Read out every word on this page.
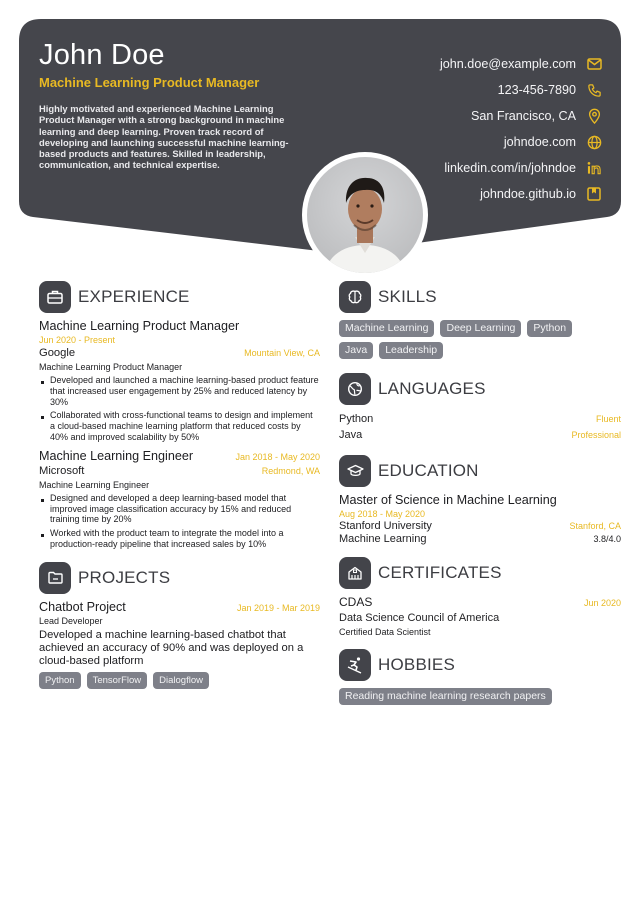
John Doe
Machine Learning Product Manager
Highly motivated and experienced Machine Learning Product Manager with a strong background in machine learning and deep learning. Proven track record of developing and launching successful machine learning-based products and features. Skilled in leadership, communication, and technical expertise.
john.doe@example.com
123-456-7890
San Francisco, CA
johndoe.com
linkedin.com/in/johndoe
johndoe.github.io
EXPERIENCE
Machine Learning Product Manager
Jun 2020 - Present
Google	Mountain View, CA
Machine Learning Product Manager
Developed and launched a machine learning-based product feature that increased user engagement by 25% and reduced latency by 30%
Collaborated with cross-functional teams to design and implement a cloud-based machine learning platform that reduced costs by 40% and improved scalability by 50%
Machine Learning Engineer	Jan 2018 - May 2020
Microsoft	Redmond, WA
Machine Learning Engineer
Designed and developed a deep learning-based model that improved image classification accuracy by 15% and reduced training time by 20%
Worked with the product team to integrate the model into a production-ready pipeline that increased sales by 10%
PROJECTS
Chatbot Project	Jan 2019 - Mar 2019
Lead Developer
Developed a machine learning-based chatbot that achieved an accuracy of 90% and was deployed on a cloud-based platform
Python	TensorFlow	Dialogflow
SKILLS
Machine Learning	Deep Learning	Python
Java	Leadership
LANGUAGES
Python	Fluent
Java	Professional
EDUCATION
Master of Science in Machine Learning
Aug 2018 - May 2020
Stanford University	Stanford, CA
Machine Learning	3.8/4.0
CERTIFICATES
CDAS	Jun 2020
Data Science Council of America
Certified Data Scientist
HOBBIES
Reading machine learning research papers
